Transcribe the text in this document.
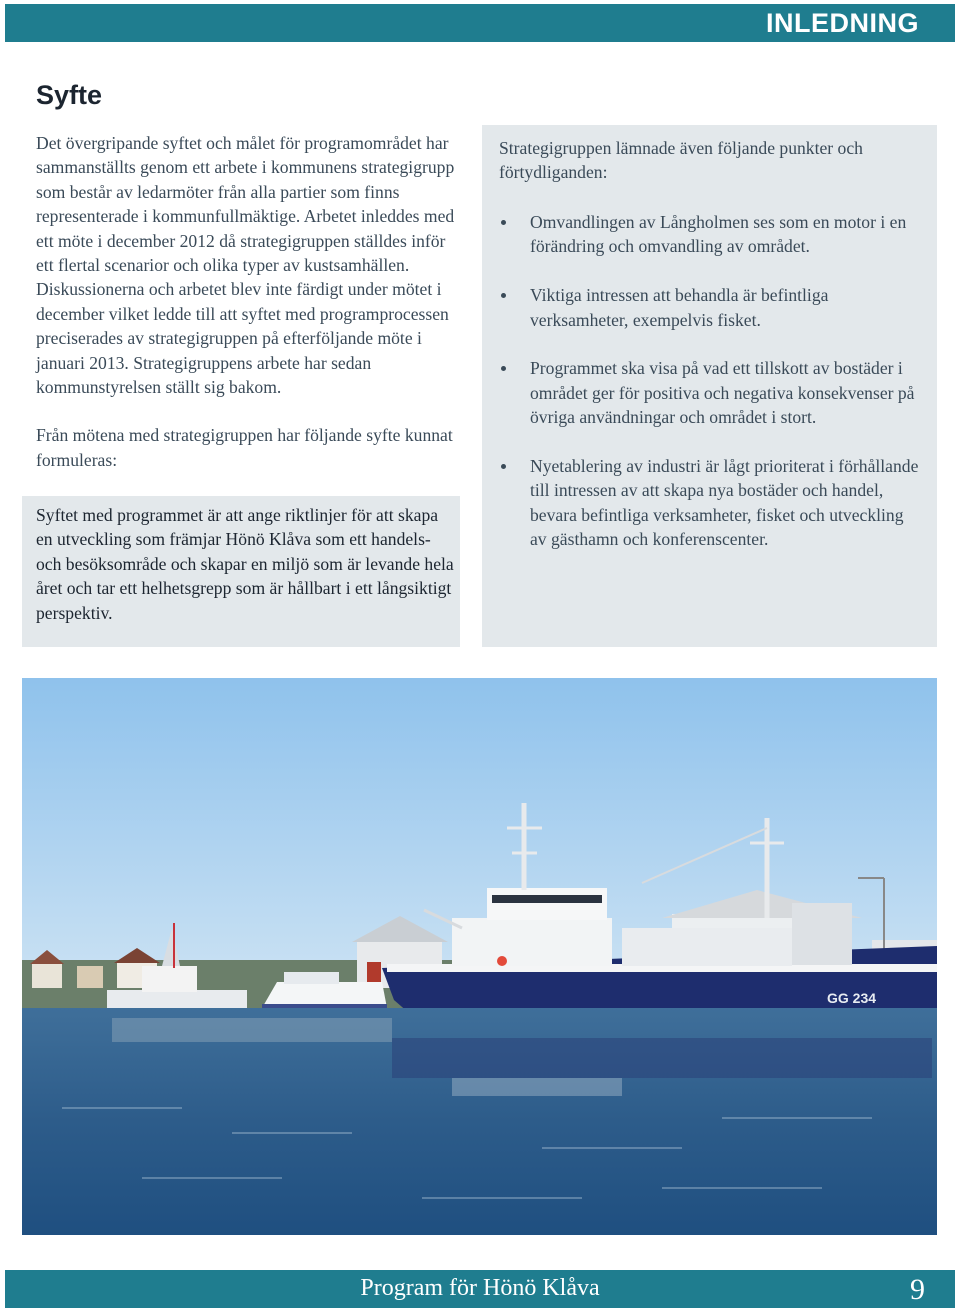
INLEDNING
Syfte

Det övergripande syftet och målet för programområdet har sammanställts genom ett arbete i kommunens strategigrupp som består av ledarmöter från alla partier som finns representerade i kommunfullmäktige. Arbetet inleddes med ett möte i december 2012 då strategigruppen ställdes inför ett flertal scenarior och olika typer av kustsamhällen. Diskussionerna och arbetet blev inte färdigt under mötet i december vilket ledde till att syftet med programprocessen preciserades av strategigruppen på efterföljande möte i januari 2013. Strategigruppens arbete har sedan kommunstyrelsen ställt sig bakom.

Från mötena med strategigruppen har följande syfte kunnat formuleras:

Syftet med programmet är att ange riktlinjer för att skapa en utveckling som främjar Hönö Klåva som ett handels- och besöksområde och skapar en miljö som är levande hela året och tar ett helhetsgrepp som är hållbart i ett långsiktigt perspektiv.
Strategigruppen lämnade även följande punkter och förtydliganden:
Omvandlingen av Långholmen ses som en motor i en förändring och omvandling av området.
Viktiga intressen att behandla är befintliga verksamheter, exempelvis fisket.
Programmet ska visa på vad ett tillskott av bostäder i området ger för positiva och negativa konsekvenser på övriga användningar och området i stort.
Nyetablering av industri är lågt prioriterat i förhållande till intressen av att skapa nya bostäder och handel, bevara befintliga verksamheter, fisket och utveckling av gästhamn och konferenscenter.
GG 234
Program för Hönö Klåva	9
